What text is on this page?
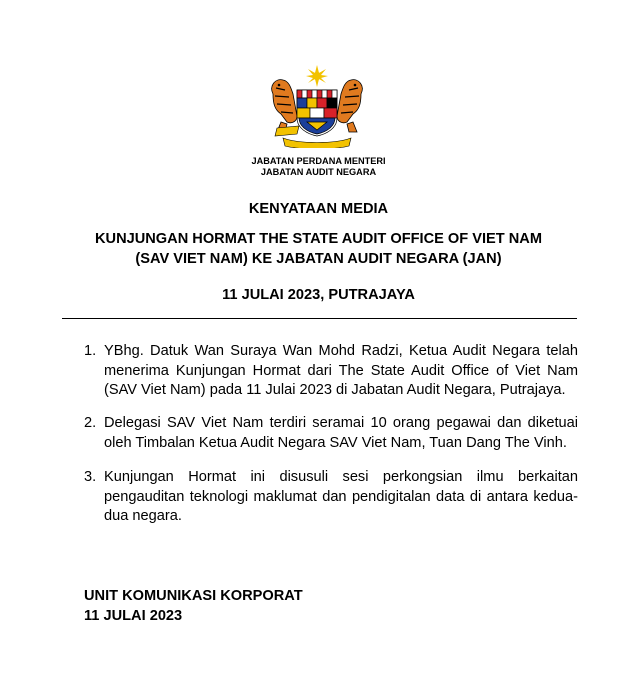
JABATAN PERDANA MENTERI
JABATAN AUDIT NEGARA
KENYATAAN MEDIA
KUNJUNGAN HORMAT THE STATE AUDIT OFFICE OF VIET NAM
(SAV VIET NAM) KE JABATAN AUDIT NEGARA (JAN)
11 JULAI 2023, PUTRAJAYA
1. YBhg. Datuk Wan Suraya Wan Mohd Radzi, Ketua Audit Negara telah menerima Kunjungan Hormat dari The State Audit Office of Viet Nam (SAV Viet Nam) pada 11 Julai 2023 di Jabatan Audit Negara, Putrajaya.
2. Delegasi SAV Viet Nam terdiri seramai 10 orang pegawai dan diketuai oleh Timbalan Ketua Audit Negara SAV Viet Nam, Tuan Dang The Vinh.
3. Kunjungan Hormat ini disusuli sesi perkongsian ilmu berkaitan pengauditan teknologi maklumat dan pendigitalan data di antara kedua-dua negara.
UNIT KOMUNIKASI KORPORAT
11 JULAI 2023
